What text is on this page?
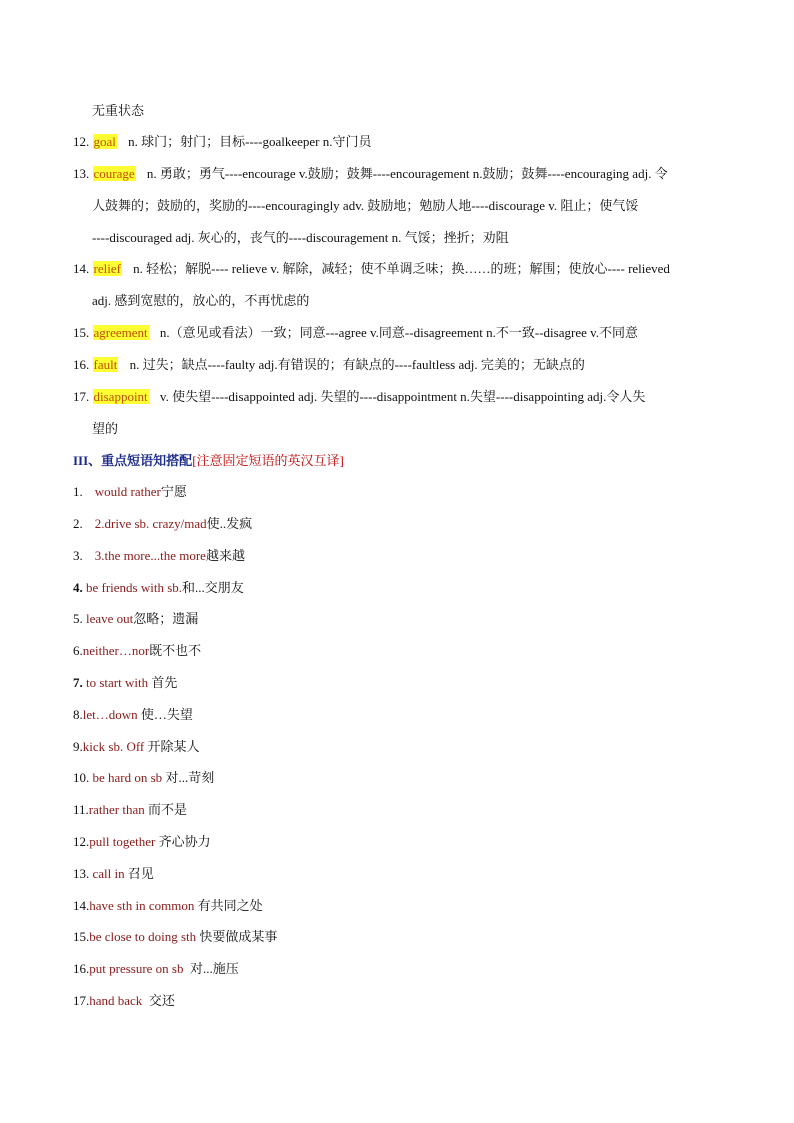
无重状态
12. goal n. 球门；射门；目标----goalkeeper n.守门员
13. courage n. 勇敢；勇气----encourage v.鼓励；鼓舞----encouragement n.鼓励；鼓舞----encouraging adj. 令
人鼓舞的；鼓励的，奖励的----encouragingly adv. 鼓励地；勉励人地----discourage v. 阻止；使气馁
----discouraged adj. 灰心的，丧气的----discouragement n. 气馁；挫折；劝阻
14. relief n. 轻松；解脱---- relieve v. 解除，减轻；使不单调乏味；换……的班；解围；使放心---- relieved
adj. 感到宽慰的，放心的，不再忧虑的
15. agreement n.（意见或看法）一致；同意---agree v.同意--disagreement n.不一致--disagree v.不同意
16. fault n. 过失；缺点----faulty adj.有错误的；有缺点的----faultless adj. 完美的；无缺点的
17. disappoint v. 使失望----disappointed adj. 失望的----disappointment n.失望----disappointing adj.令人失
望的
III、重点短语知搭配[注意固定短语的英汉互译]
1. would rather宁愿
2. 2.drive sb. crazy/mad使..发疯
3. 3.the more...the more越来越
4. be friends with sb.和...交朋友
5. leave out忽略；遗漏
6.neither…nor既不也不
7. to start with 首先
8.let…down 使…失望
9.kick sb. Off 开除某人
10. be hard on sb 对...苛刻
11.rather than 而不是
12.pull together 齐心协力
13. call in 召见
14.have sth in common 有共同之处
15.be close to doing sth 快要做成某事
16.put pressure on sb 对...施压
17.hand back 交还
